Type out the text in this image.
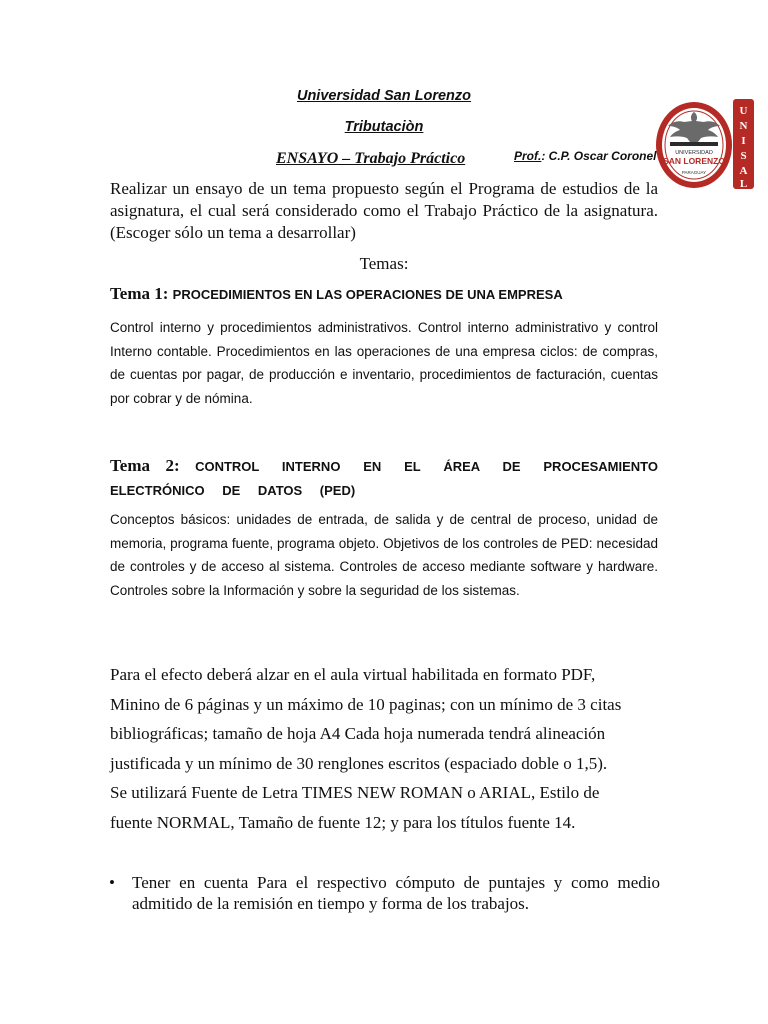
Universidad San Lorenzo
Tributaciòn
ENSAYO – Trabajo Práctico	Prof.: C.P. Oscar Coronel
U
N
I
S
A
L
UNIVERSIDAD
SAN LORENZO
PARAGUAY
Realizar un ensayo de un tema propuesto según el Programa de estudios de la asignatura, el cual será considerado como el Trabajo Práctico de la asignatura. (Escoger sólo un tema a desarrollar)
Temas:
Tema 1: PROCEDIMIENTOS EN LAS OPERACIONES DE UNA EMPRESA
Control interno y procedimientos administrativos. Control interno administrativo y control Interno contable. Procedimientos en las operaciones de una empresa ciclos: de compras, de cuentas por pagar, de producción e inventario, procedimientos de facturación, cuentas por cobrar y de nómina.
Tema 2: CONTROL INTERNO EN EL ÁREA DE PROCESAMIENTO ELECTRÓNICO DE DATOS (PED)
Conceptos básicos: unidades de entrada, de salida y de central de proceso, unidad de memoria, programa fuente, programa objeto. Objetivos de los controles de PED: necesidad de controles y de acceso al sistema. Controles de acceso mediante software y hardware. Controles sobre la Información y sobre la seguridad de los sistemas.
Para el efecto deberá alzar en el aula virtual habilitada en formato PDF,
Minino de 6 páginas y un máximo de 10 paginas; con un mínimo de 3 citas
bibliográficas; tamaño de hoja A4 Cada hoja numerada tendrá alineación
justificada y un mínimo de 30 renglones escritos (espaciado doble o 1,5).
Se utilizará Fuente de Letra TIMES NEW ROMAN o ARIAL, Estilo de
fuente NORMAL, Tamaño de fuente 12; y para los títulos fuente 14.
• Tener en cuenta Para el respectivo cómputo de puntajes y como medio admitido de la remisión en tiempo y forma de los trabajos.
